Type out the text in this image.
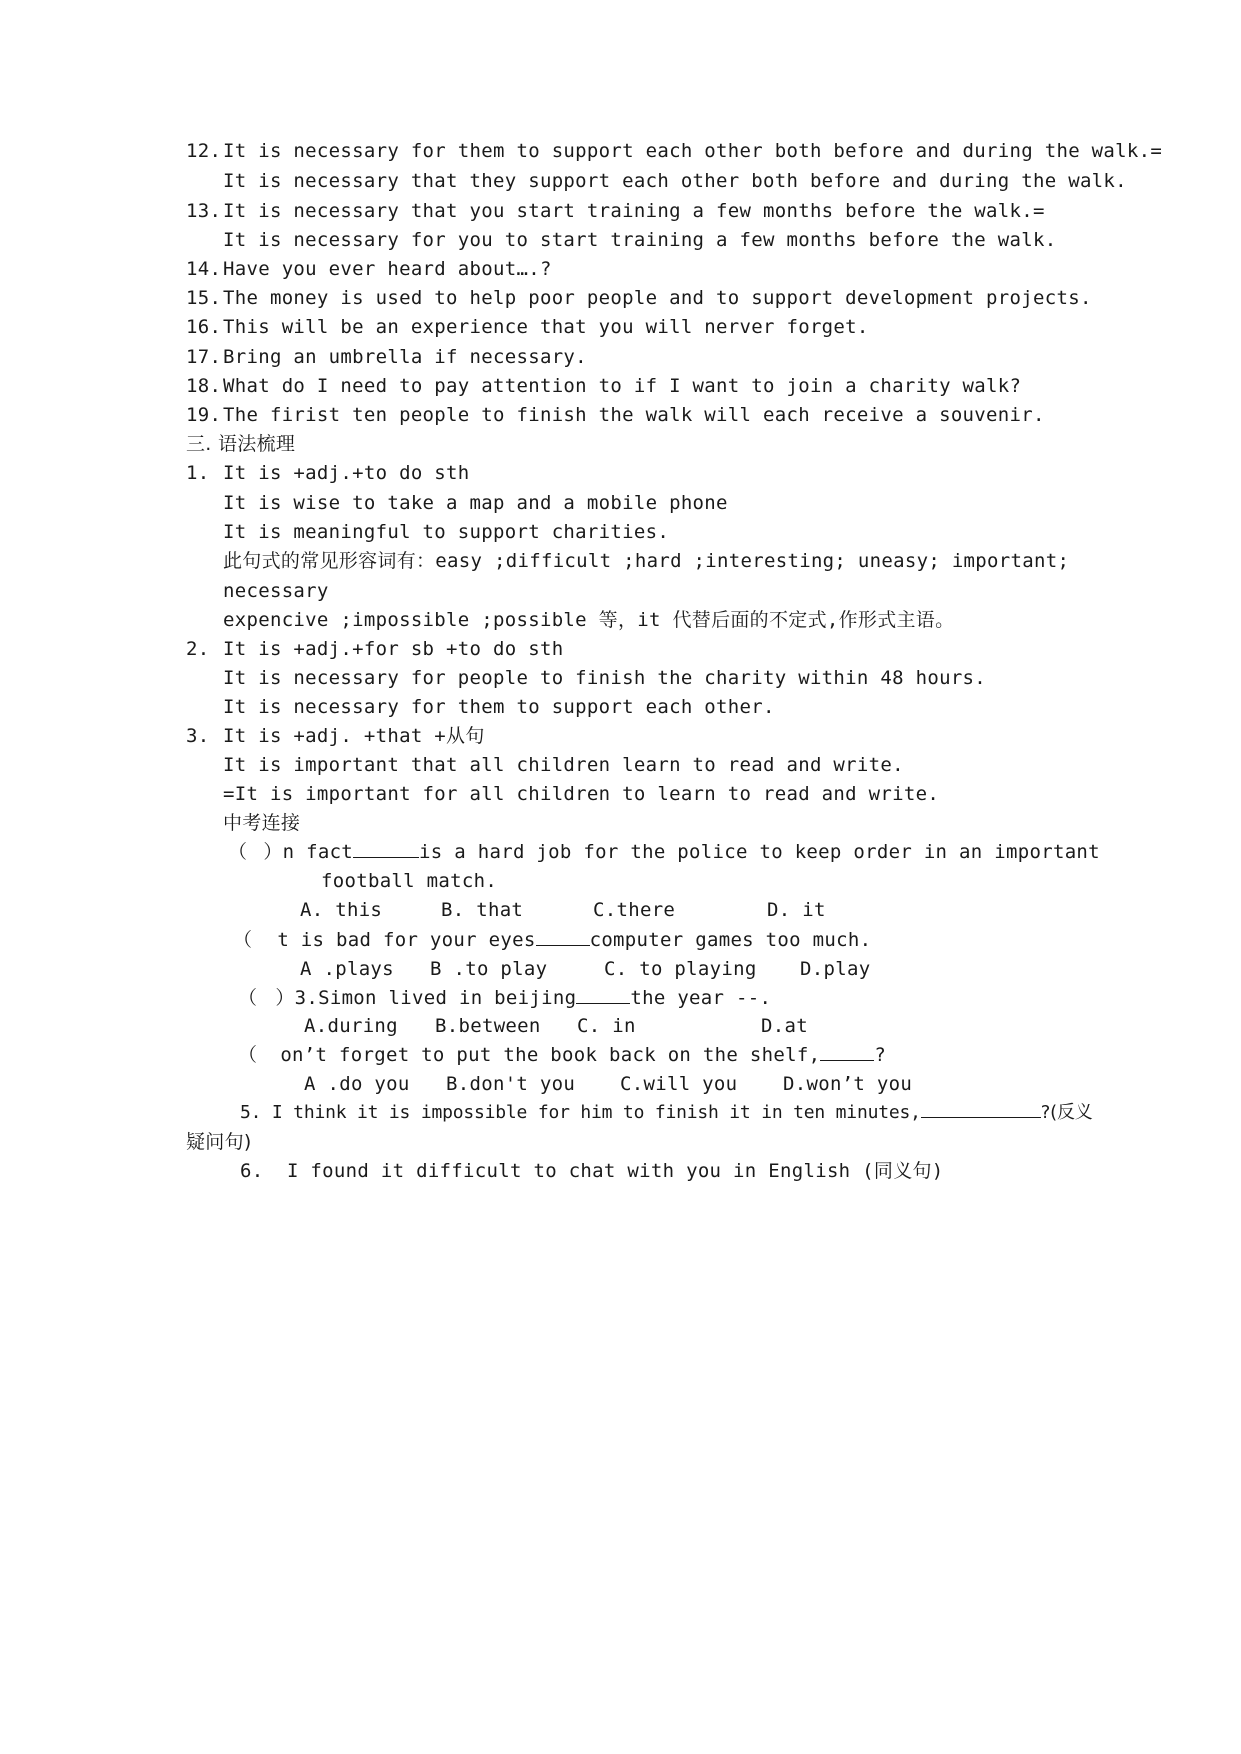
12.It is necessary for them to support each other both before and during the walk.=
It is necessary that they support each other both before and during the walk.
13.It is necessary that you start training a few months before the walk.=
It is necessary for you to start training a few months before the walk.
14.Have you ever heard about….?
15.The money is used to help poor people and to support development projects.
16.This will be an experience that you will nerver forget.
17.Bring an umbrella if necessary.
18.What do I need to pay attention to if I want to join a charity walk?
19.The firist ten people to finish the walk will each receive a souvenir.
三. 语法梳理
1. It is +adj.+to do sth
It is wise to take a map and a mobile phone
It is meaningful to support charities.
此句式的常见形容词有：easy ;difficult ;hard ;interesting; uneasy; important;
necessary
expencive ;impossible ;possible 等，it 代替后面的不定式,作形式主语。
2. It is +adj.+for sb +to do sth
It is necessary for people to finish the charity within 48 hours.
It is necessary for them to support each other.
3. It is +adj. +that +从句
It is important that all children learn to read and write.
=It is important for all children to learn to read and write.
中考连接
（ ）n fact	is a hard job for the police to keep order in an important
football match.
A. this	B. that	C.there	D. it
（ t is bad for your eyes	computer games too much.
A .plays B .to play	C. to playing D.play
（ ）3.Simon lived in beijing	the year --.
A.during B.between C. in	D.at
（ on’t forget to put the book back on the shelf,	?
A .do you B.don't you C.will you D.won’t you
5. I think it is impossible for him to finish it in ten minutes,	?(反义
疑问句)
6.  I found it difficult to chat with you in English (同义句)
